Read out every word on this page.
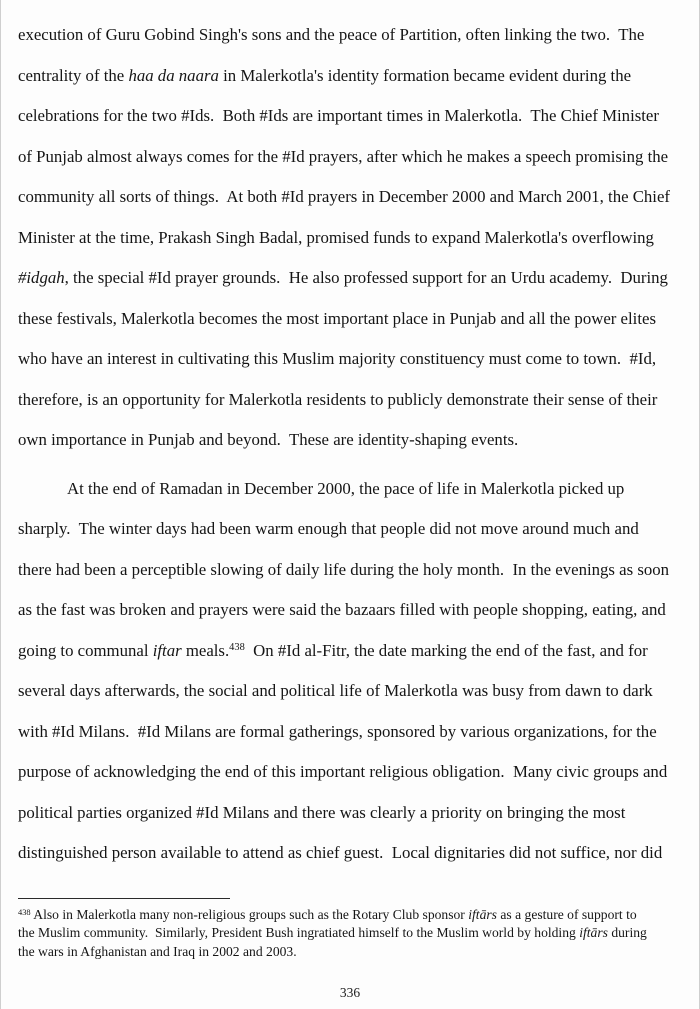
execution of Guru Gobind Singh's sons and the peace of Partition, often linking the two.  The
centrality of the haa da naara in Malerkotla's identity formation became evident during the
celebrations for the two #Ids.  Both #Ids are important times in Malerkotla.  The Chief Minister
of Punjab almost always comes for the #Id prayers, after which he makes a speech promising the
community all sorts of things.  At both #Id prayers in December 2000 and March 2001, the Chief
Minister at the time, Prakash Singh Badal, promised funds to expand Malerkotla's overflowing
#idgah, the special #Id prayer grounds.  He also professed support for an Urdu academy.  During
these festivals, Malerkotla becomes the most important place in Punjab and all the power elites
who have an interest in cultivating this Muslim majority constituency must come to town.  #Id,
therefore, is an opportunity for Malerkotla residents to publicly demonstrate their sense of their
own importance in Punjab and beyond.  These are identity-shaping events.
At the end of Ramadan in December 2000, the pace of life in Malerkotla picked up
sharply.  The winter days had been warm enough that people did not move around much and
there had been a perceptible slowing of daily life during the holy month.  In the evenings as soon
as the fast was broken and prayers were said the bazaars filled with people shopping, eating, and
going to communal iftar meals.$^{438}$  On #Id al-Fitr, the date marking the end of the fast, and for
several days afterwards, the social and political life of Malerkotla was busy from dawn to dark
with #Id Milans.  #Id Milans are formal gatherings, sponsored by various organizations, for the
purpose of acknowledging the end of this important religious obligation.  Many civic groups and
political parties organized #Id Milans and there was clearly a priority on bringing the most
distinguished person available to attend as chief guest.  Local dignitaries did not suffice, nor did
$^{438}$ Also in Malerkotla many non-religious groups such as the Rotary Club sponsor iftārs as a gesture of support to
the Muslim community.  Similarly, President Bush ingratiated himself to the Muslim world by holding iftārs during
the wars in Afghanistan and Iraq in 2002 and 2003.
336
